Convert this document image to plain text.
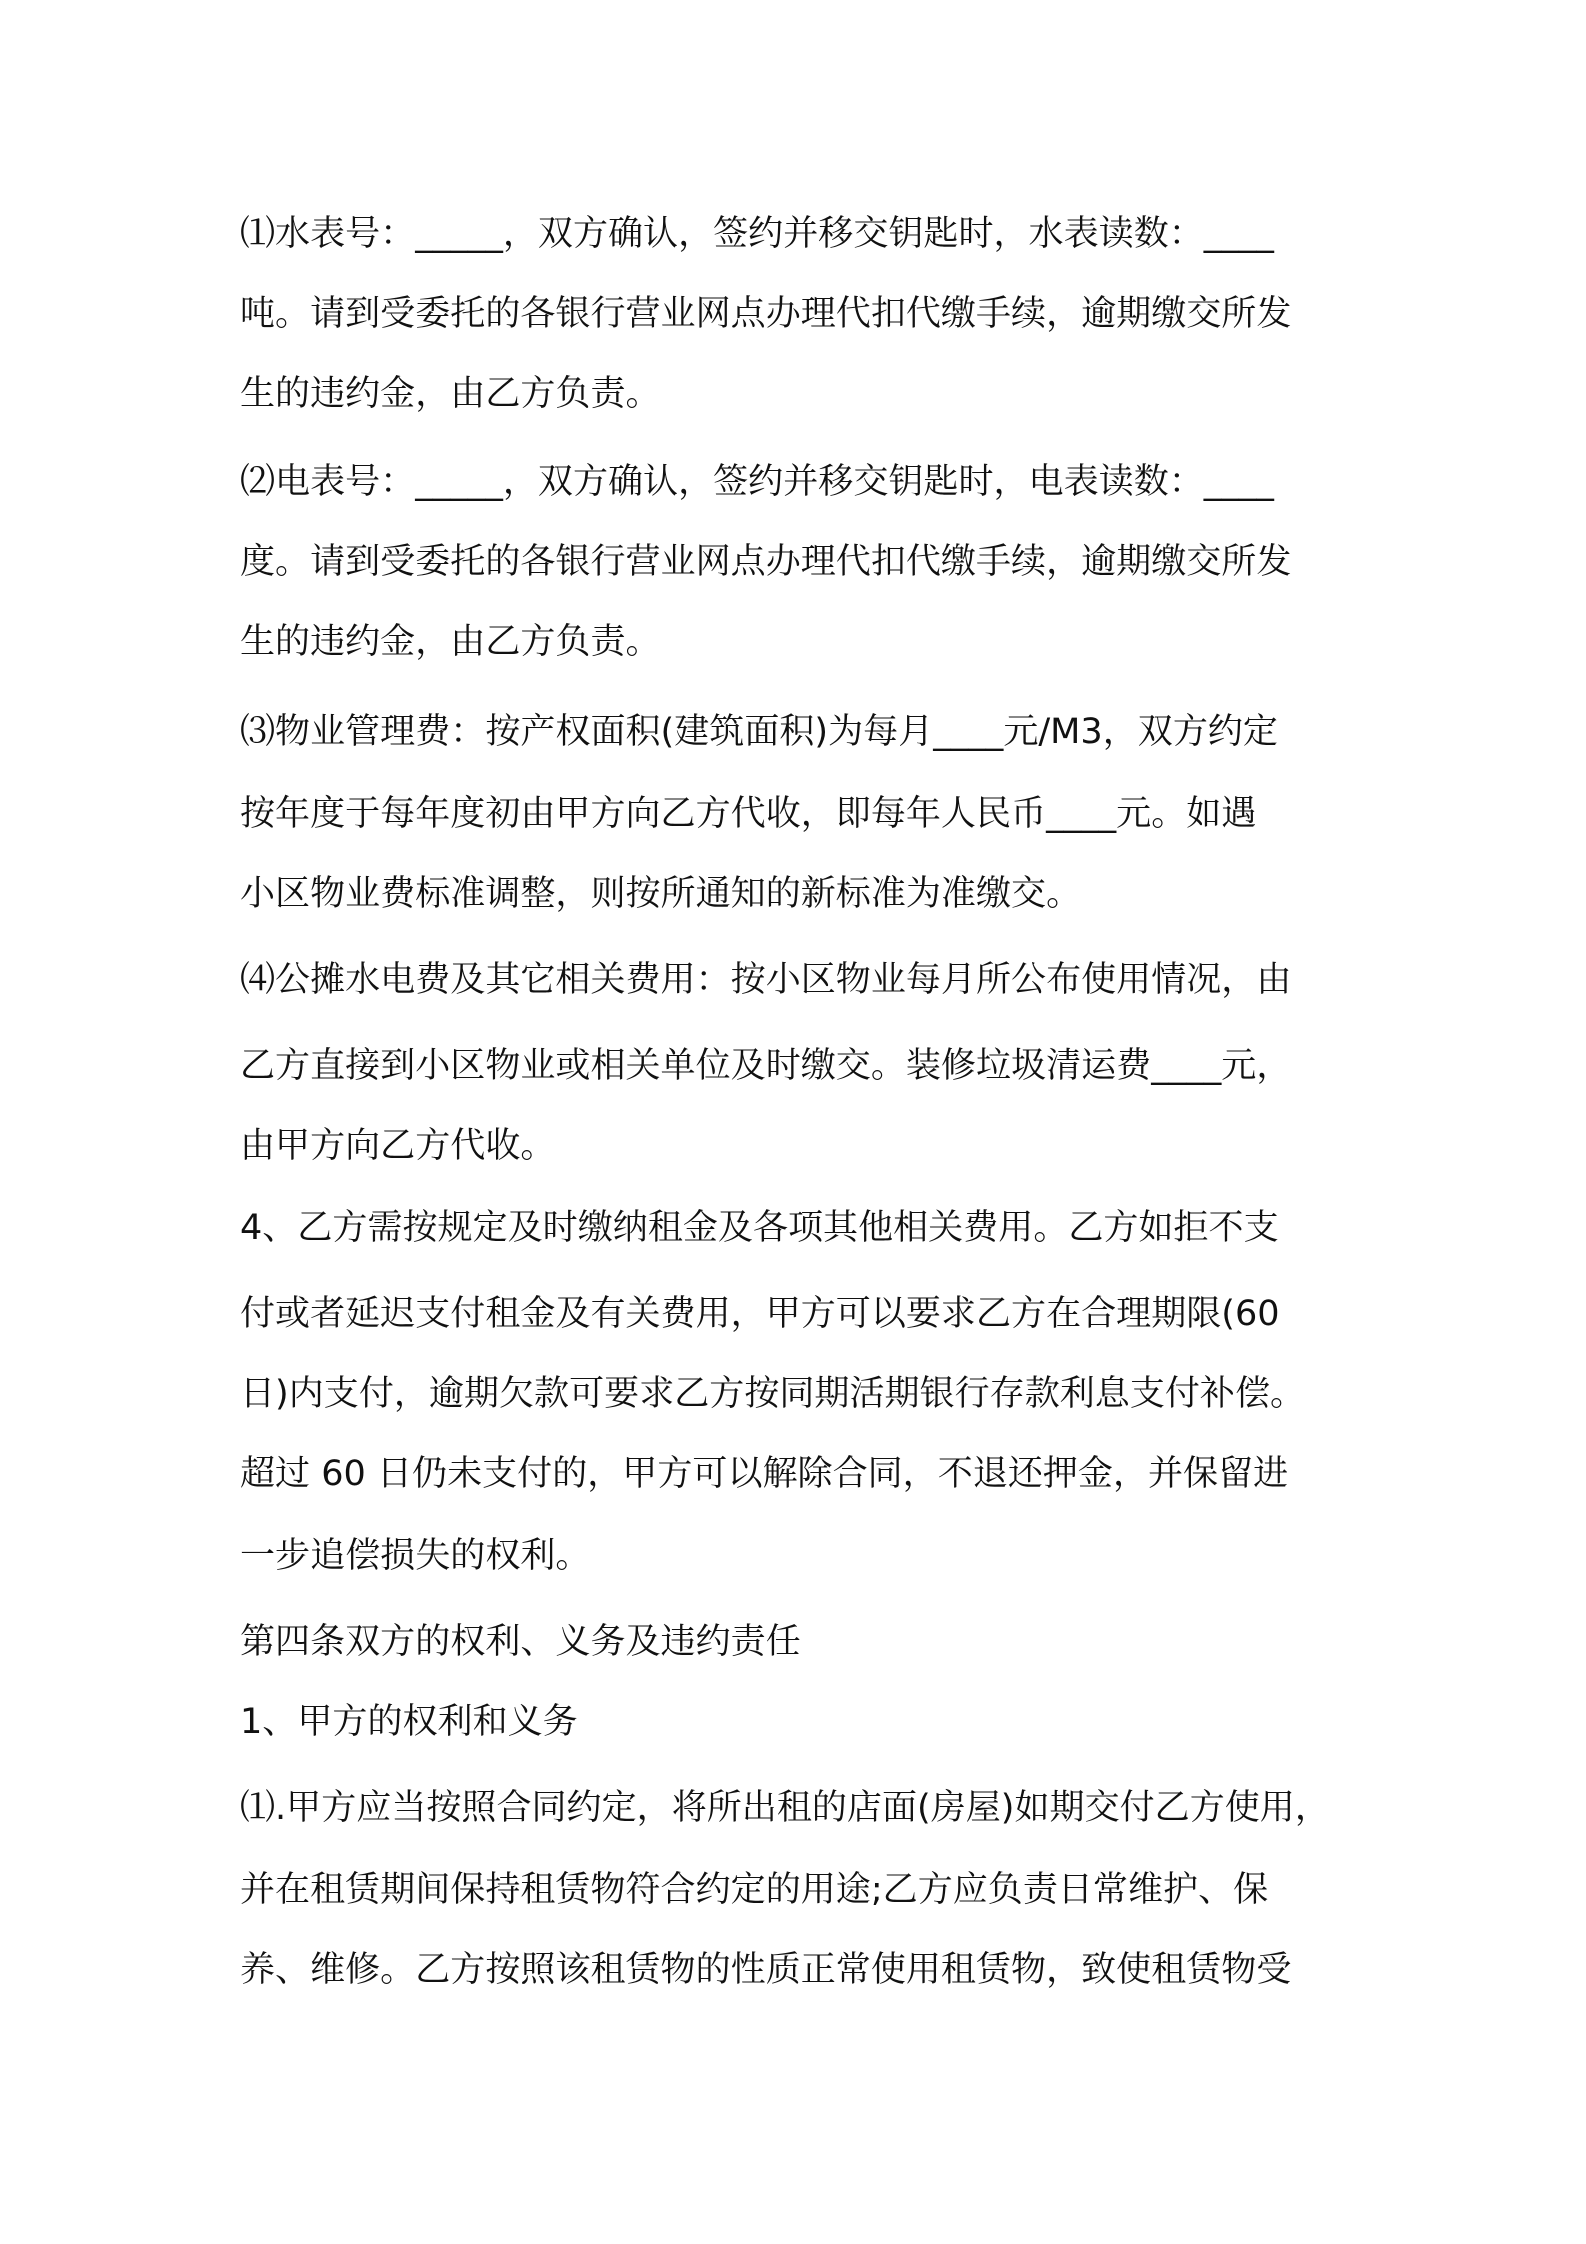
⑴水表号：_____，双方确认，签约并移交钥匙时，水表读数：____
吨。请到受委托的各银行营业网点办理代扣代缴手续，逾期缴交所发
生的违约金，由乙方负责。
⑵电表号：_____，双方确认，签约并移交钥匙时，电表读数：____
度。请到受委托的各银行营业网点办理代扣代缴手续，逾期缴交所发
生的违约金，由乙方负责。
⑶物业管理费：按产权面积(建筑面积)为每月____元/M3，双方约定
按年度于每年度初由甲方向乙方代收，即每年人民币____元。如遇
小区物业费标准调整，则按所通知的新标准为准缴交。
⑷公摊水电费及其它相关费用：按小区物业每月所公布使用情况，由
乙方直接到小区物业或相关单位及时缴交。装修垃圾清运费____元，
由甲方向乙方代收。
4、乙方需按规定及时缴纳租金及各项其他相关费用。乙方如拒不支
付或者延迟支付租金及有关费用，甲方可以要求乙方在合理期限(60
日)内支付，逾期欠款可要求乙方按同期活期银行存款利息支付补偿。
超过 60 日仍未支付的，甲方可以解除合同，不退还押金，并保留进
一步追偿损失的权利。
第四条双方的权利、义务及违约责任
1、甲方的权利和义务
⑴.甲方应当按照合同约定，将所出租的店面(房屋)如期交付乙方使用，
并在租赁期间保持租赁物符合约定的用途;乙方应负责日常维护、保
养、维修。乙方按照该租赁物的性质正常使用租赁物，致使租赁物受
